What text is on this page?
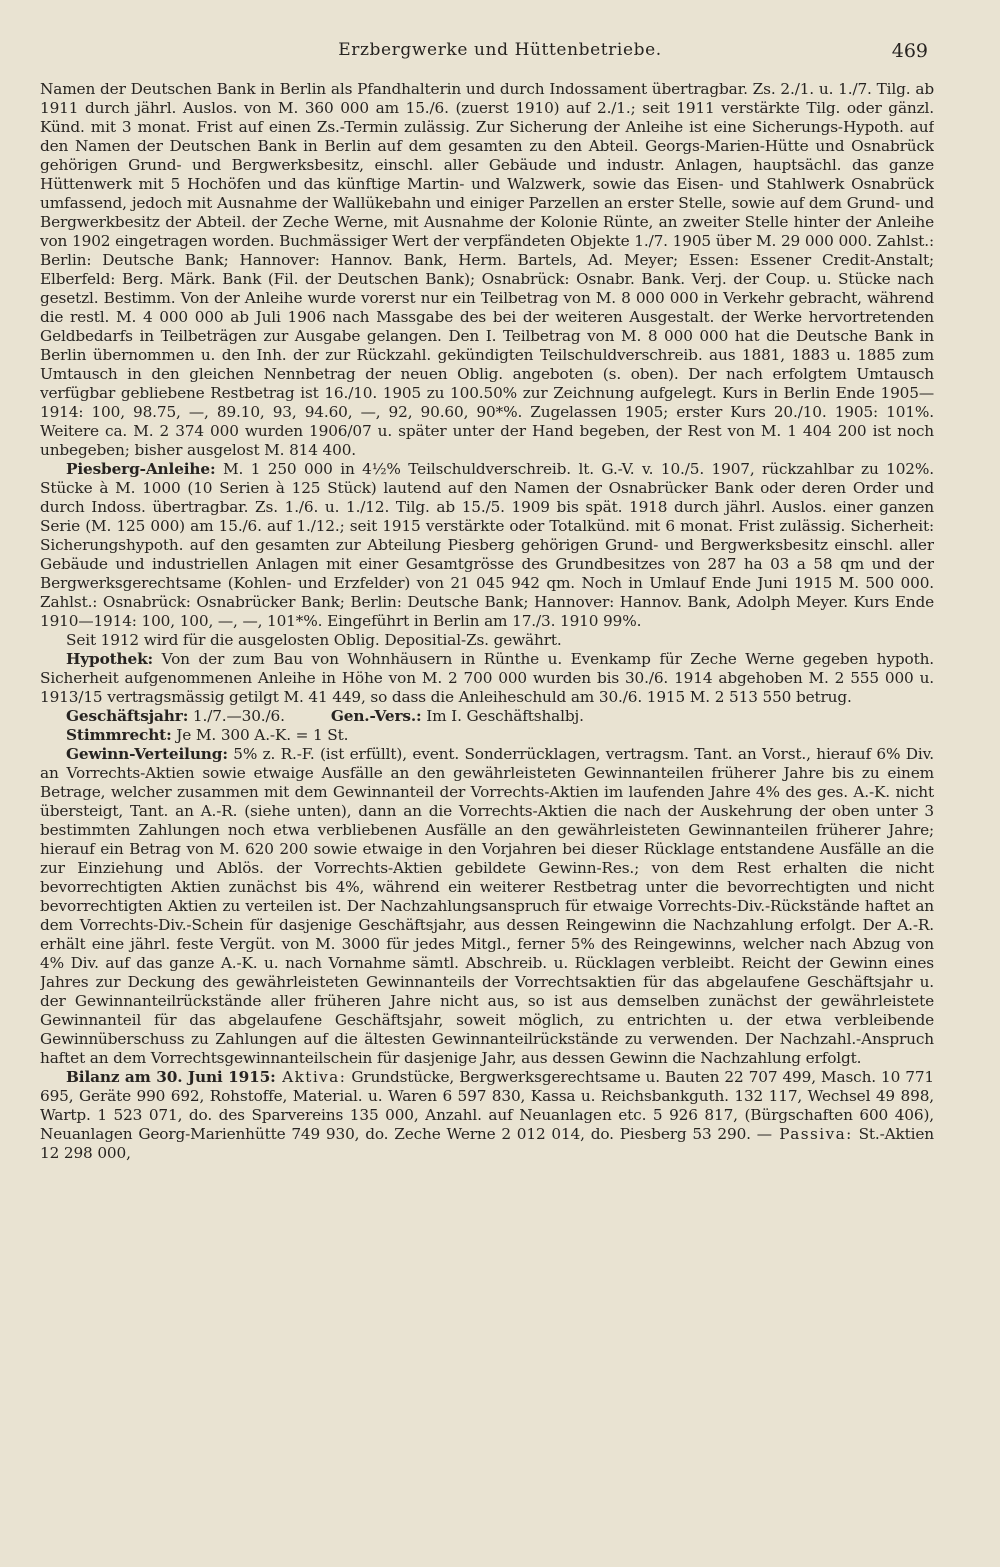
Erzbergwerke und Hüttenbetriebe.	469

Namen der Deutschen Bank in Berlin als Pfandhalterin und durch Indossament übertragbar. Zs. 2./1. u. 1./7. Tilg. ab 1911 durch jährl. Auslos. von M. 360 000 am 15./6. (zuerst 1910) auf 2./1.; seit 1911 verstärkte Tilg. oder gänzl. Künd. mit 3 monat. Frist auf einen Zs.-Termin zulässig. Zur Sicherung der Anleihe ist eine Sicherungs-Hypoth. auf den Namen der Deutschen Bank in Berlin auf dem gesamten zu den Abteil. Georgs-Marien-Hütte und Osnabrück gehörigen Grund- und Bergwerksbesitz, einschl. aller Gebäude und industr. Anlagen, hauptsächl. das ganze Hüttenwerk mit 5 Hochöfen und das künftige Martin- und Walzwerk, sowie das Eisen- und Stahlwerk Osnabrück umfassend, jedoch mit Ausnahme der Wallükebahn und einiger Parzellen an erster Stelle, sowie auf dem Grund- und Bergwerkbesitz der Abteil. der Zeche Werne, mit Ausnahme der Kolonie Rünte, an zweiter Stelle hinter der Anleihe von 1902 eingetragen worden. Buchmässiger Wert der verpfändeten Objekte 1./7. 1905 über M. 29 000 000. Zahlst.: Berlin: Deutsche Bank; Hannover: Hannov. Bank, Herm. Bartels, Ad. Meyer; Essen: Essener Credit-Anstalt; Elberfeld: Berg. Märk. Bank (Fil. der Deutschen Bank); Osnabrück: Osnabr. Bank. Verj. der Coup. u. Stücke nach gesetzl. Bestimm. Von der Anleihe wurde vorerst nur ein Teilbetrag von M. 8 000 000 in Verkehr gebracht, während die restl. M. 4 000 000 ab Juli 1906 nach Massgabe des bei der weiteren Ausgestalt. der Werke hervortretenden Geldbedarfs in Teilbeträgen zur Ausgabe gelangen. Den I. Teilbetrag von M. 8 000 000 hat die Deutsche Bank in Berlin übernommen u. den Inh. der zur Rückzahl. gekündigten Teilschuldverschreib. aus 1881, 1883 u. 1885 zum Umtausch in den gleichen Nennbetrag der neuen Oblig. angeboten (s. oben). Der nach erfolgtem Umtausch verfügbar gebliebene Restbetrag ist 16./10. 1905 zu 100.50% zur Zeichnung aufgelegt. Kurs in Berlin Ende 1905—1914: 100, 98.75, —, 89.10, 93, 94.60, —, 92, 90.60, 90*%. Zugelassen 1905; erster Kurs 20./10. 1905: 101%. Weitere ca. M. 2 374 000 wurden 1906/07 u. später unter der Hand begeben, der Rest von M. 1 404 200 ist noch unbegeben; bisher ausgelost M. 814 400.

Piesberg-Anleihe: M. 1 250 000 in 4½% Teilschuldverschreib. lt. G.-V. v. 10./5. 1907, rückzahlbar zu 102%. Stücke à M. 1000 (10 Serien à 125 Stück) lautend auf den Namen der Osnabrücker Bank oder deren Order und durch Indoss. übertragbar. Zs. 1./6. u. 1./12. Tilg. ab 15./5. 1909 bis spät. 1918 durch jährl. Auslos. einer ganzen Serie (M. 125 000) am 15./6. auf 1./12.; seit 1915 verstärkte oder Totalkünd. mit 6 monat. Frist zulässig. Sicherheit: Sicherungshypoth. auf den gesamten zur Abteilung Piesberg gehörigen Grund- und Bergwerksbesitz einschl. aller Gebäude und industriellen Anlagen mit einer Gesamtgrösse des Grundbesitzes von 287 ha 03 a 58 qm und der Bergwerksgerechtsame (Kohlen- und Erzfelder) von 21 045 942 qm. Noch in Umlauf Ende Juni 1915 M. 500 000. Zahlst.: Osnabrück: Osnabrücker Bank; Berlin: Deutsche Bank; Hannover: Hannov. Bank, Adolph Meyer. Kurs Ende 1910—1914: 100, 100, —, —, 101*%. Eingeführt in Berlin am 17./3. 1910 99%.

Seit 1912 wird für die ausgelosten Oblig. Depositial-Zs. gewährt.

Hypothek: Von der zum Bau von Wohnhäusern in Rünthe u. Evenkamp für Zeche Werne gegeben hypoth. Sicherheit aufgenommenen Anleihe in Höhe von M. 2 700 000 wurden bis 30./6. 1914 abgehoben M. 2 555 000 u. 1913/15 vertragsmässig getilgt M. 41 449, so dass die Anleiheschuld am 30./6. 1915 M. 2 513 550 betrug.

Geschäftsjahr: 1./7.—30./6.	Gen.-Vers.: Im I. Geschäftshalbj.

Stimmrecht: Je M. 300 A.-K. = 1 St.

Gewinn-Verteilung: 5% z. R.-F. (ist erfüllt), event. Sonderrücklagen, vertragsm. Tant. an Vorst., hierauf 6% Div. an Vorrechts-Aktien sowie etwaige Ausfälle an den gewährleisteten Gewinnanteilen früherer Jahre bis zu einem Betrage, welcher zusammen mit dem Gewinnanteil der Vorrechts-Aktien im laufenden Jahre 4% des ges. A.-K. nicht übersteigt, Tant. an A.-R. (siehe unten), dann an die Vorrechts-Aktien die nach der Auskehrung der oben unter 3 bestimmten Zahlungen noch etwa verbliebenen Ausfälle an den gewährleisteten Gewinnanteilen früherer Jahre; hierauf ein Betrag von M. 620 200 sowie etwaige in den Vorjahren bei dieser Rücklage entstandene Ausfälle an die zur Einziehung und Ablös. der Vorrechts-Aktien gebildete Gewinn-Res.; von dem Rest erhalten die nicht bevorrechtigten Aktien zunächst bis 4%, während ein weiterer Restbetrag unter die bevorrechtigten und nicht bevorrechtigten Aktien zu verteilen ist. Der Nachzahlungsanspruch für etwaige Vorrechts-Div.-Rückstände haftet an dem Vorrechts-Div.-Schein für dasjenige Geschäftsjahr, aus dessen Reingewinn die Nachzahlung erfolgt. Der A.-R. erhält eine jährl. feste Vergüt. von M. 3000 für jedes Mitgl., ferner 5% des Reingewinns, welcher nach Abzug von 4% Div. auf das ganze A.-K. u. nach Vornahme sämtl. Abschreib. u. Rücklagen verbleibt. Reicht der Gewinn eines Jahres zur Deckung des gewährleisteten Gewinnanteils der Vorrechtsaktien für das abgelaufene Geschäftsjahr u. der Gewinnanteilrückstände aller früheren Jahre nicht aus, so ist aus demselben zunächst der gewährleistete Gewinnanteil für das abgelaufene Geschäftsjahr, soweit möglich, zu entrichten u. der etwa verbleibende Gewinnüberschuss zu Zahlungen auf die ältesten Gewinnanteilrückstände zu verwenden. Der Nachzahl.-Anspruch haftet an dem Vorrechtsgewinnanteilschein für dasjenige Jahr, aus dessen Gewinn die Nachzahlung erfolgt.

Bilanz am 30. Juni 1915: Aktiva: Grundstücke, Bergwerksgerechtsame u. Bauten 22 707 499, Masch. 10 771 695, Geräte 990 692, Rohstoffe, Material. u. Waren 6 597 830, Kassa u. Reichsbankguth. 132 117, Wechsel 49 898, Wartp. 1 523 071, do. des Sparvereins 135 000, Anzahl. auf Neuanlagen etc. 5 926 817, (Bürgschaften 600 406), Neuanlagen Georg-Marienhütte 749 930, do. Zeche Werne 2 012 014, do. Piesberg 53 290. — Passiva: St.-Aktien 12 298 000,
